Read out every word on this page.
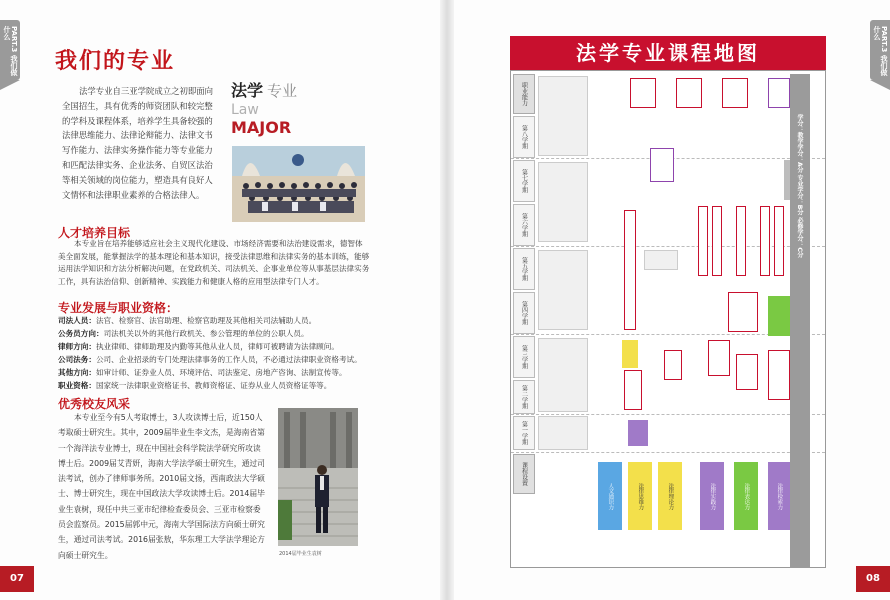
PART.3 我们做什么
我们的专业
法学专业自三亚学院成立之初即面向全国招生，具有优秀的师资团队和较完整的学科及课程体系，培养学生具备较强的法律思维能力、法律论辩能力、法律文书写作能力、法律实务操作能力等专业能力和匹配法律实务、企业法务、自贸区法治等相关领域的岗位能力，塑造具有良好人文情怀和法律职业素养的合格法律人。
法学 专业
Law
MAJOR
人才培养目标
本专业旨在培养能够适应社会主义现代化建设、市场经济需要和法治建设需求，德智体美全面发展，能掌握法学的基本理论和基本知识，接受法律思维和法律实务的基本训练，能够运用法学知识和方法分析解决问题，在党政机关、司法机关、企事业单位等从事基层法律实务工作，具有法治信仰、创新精神、实践能力和健康人格的应用型法律专门人才。
专业发展与职业资格：
司法人员：法官、检察官、法官助理、检察官助理及其他相关司法辅助人员。
公务员方向：司法机关以外的其他行政机关、参公管理的单位的公职人员。
律师方向：执业律师、律师助理及内勤等其他从业人员，律师可被聘请为法律顾问。
公司法务：公司、企业招录的专门处理法律事务的工作人员，不必通过法律职业资格考试。
其他方向：如审计师、证券业人员、环境评估、司法鉴定、房地产咨询、法制宣传等。
职业资格：国家统一法律职业资格证书、教师资格证、证券从业人员资格证等等。
优秀校友风采
本专业至今有5人考取博士，3人攻读博士后，近150人考取硕士研究生。其中，2009届毕业生李文杰，是海南省第一个海洋法专业博士，现在中国社会科学院法学研究所攻读博士后。2009届艾青妍，海南大学法学硕士研究生，通过司法考试，创办了律师事务所。2010届文扬，西南政法大学硕士、博士研究生，现在中国政法大学攻读博士后。2014届毕业生袁树，现任中共三亚市纪律检查委员会、三亚市检察委员会监察员。2015届郭中元，海南大学国际法方向硕士研究生，通过司法考试。2016届张敖，华东理工大学法学理论方向硕士研究生。	2014届毕业生袁树
07
PART.3 我们做什么
法学专业课程地图
职业能力
课程设置
第八学期
第七学期
第六学期
第五学期
第四学期
第三学期
第二学期
第一学期
人文通识力	法律思维力	法律理论力	法律实践力	法律表达力	法律检索力
学分：教学学分：A分 专业学分：B分 必修学分：C分
08
